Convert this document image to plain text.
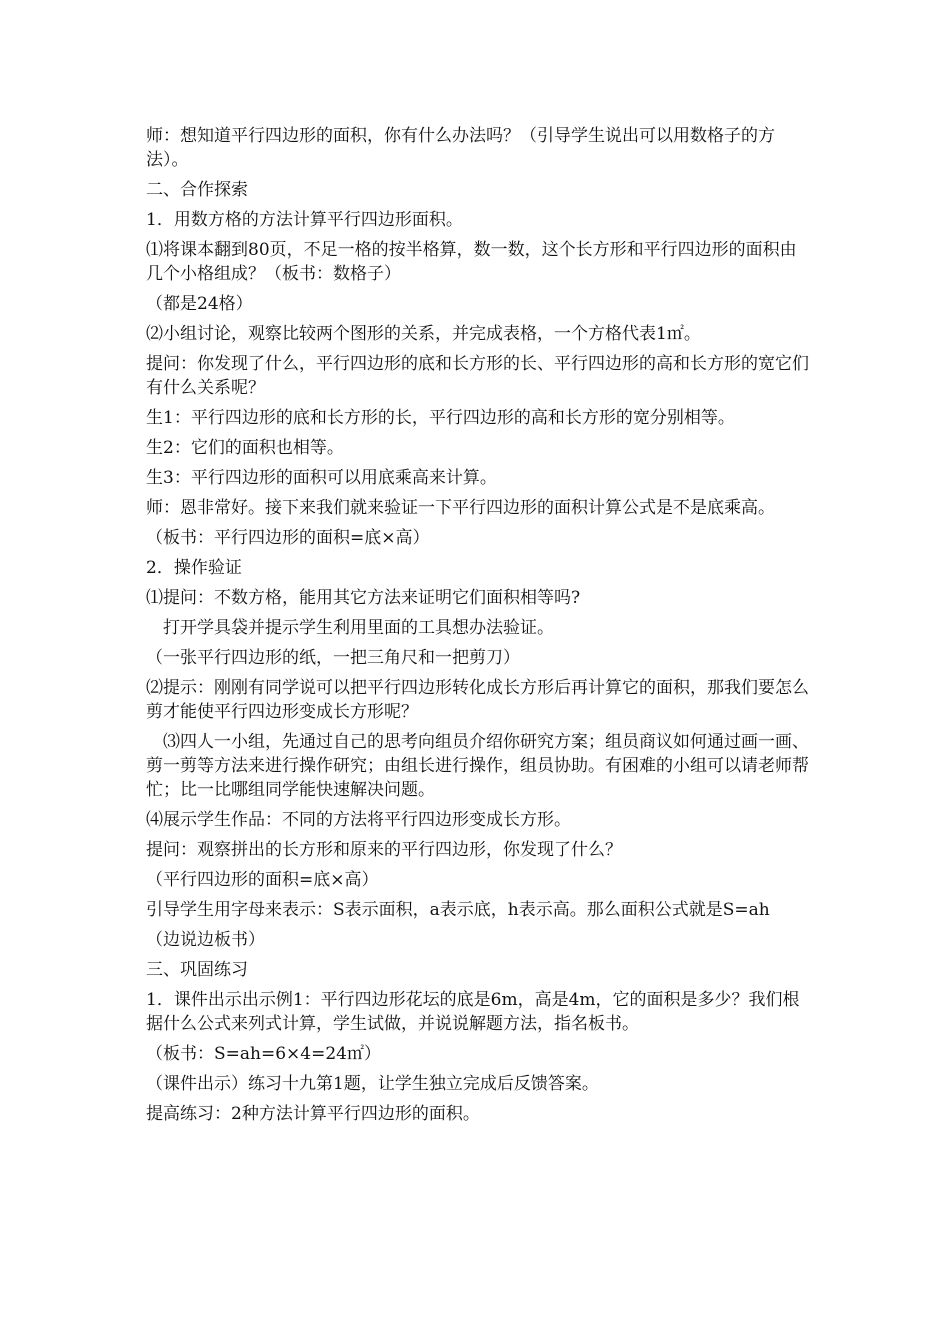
师：想知道平行四边形的面积，你有什么办法吗？（引导学生说出可以用数格子的方法）。

二、合作探索

1．用数方格的方法计算平行四边形面积。

⑴将课本翻到80页，不足一格的按半格算，数一数，这个长方形和平行四边形的面积由几个小格组成？（板书：数格子）

（都是24格）

⑵小组讨论，观察比较两个图形的关系，并完成表格，一个方格代表1㎡。

提问：你发现了什么，平行四边形的底和长方形的长、平行四边形的高和长方形的宽它们有什么关系呢？

生1：平行四边形的底和长方形的长，平行四边形的高和长方形的宽分别相等。

生2：它们的面积也相等。

生3：平行四边形的面积可以用底乘高来计算。

师：恩非常好。接下来我们就来验证一下平行四边形的面积计算公式是不是底乘高。

（板书：平行四边形的面积=底×高）

2．操作验证

⑴提问：不数方格，能用其它方法来证明它们面积相等吗?

打开学具袋并提示学生利用里面的工具想办法验证。

（一张平行四边形的纸，一把三角尺和一把剪刀）

⑵提示：刚刚有同学说可以把平行四边形转化成长方形后再计算它的面积，那我们要怎么剪才能使平行四边形变成长方形呢？

⑶四人一小组，先通过自己的思考向组员介绍你研究方案；组员商议如何通过画一画、剪一剪等方法来进行操作研究；由组长进行操作，组员协助。有困难的小组可以请老师帮忙；比一比哪组同学能快速解决问题。

⑷展示学生作品：不同的方法将平行四边形变成长方形。

提问：观察拼出的长方形和原来的平行四边形，你发现了什么？

（平行四边形的面积=底×高）

引导学生用字母来表示：S表示面积，a表示底，h表示高。那么面积公式就是S=ah

（边说边板书）

三、巩固练习

1．课件出示出示例1：平行四边形花坛的底是6m，高是4m，它的面积是多少？我们根据什么公式来列式计算，学生试做，并说说解题方法，指名板书。

（板书：S=ah=6×4=24㎡）

（课件出示）练习十九第1题，让学生独立完成后反馈答案。

提高练习：2种方法计算平行四边形的面积。
